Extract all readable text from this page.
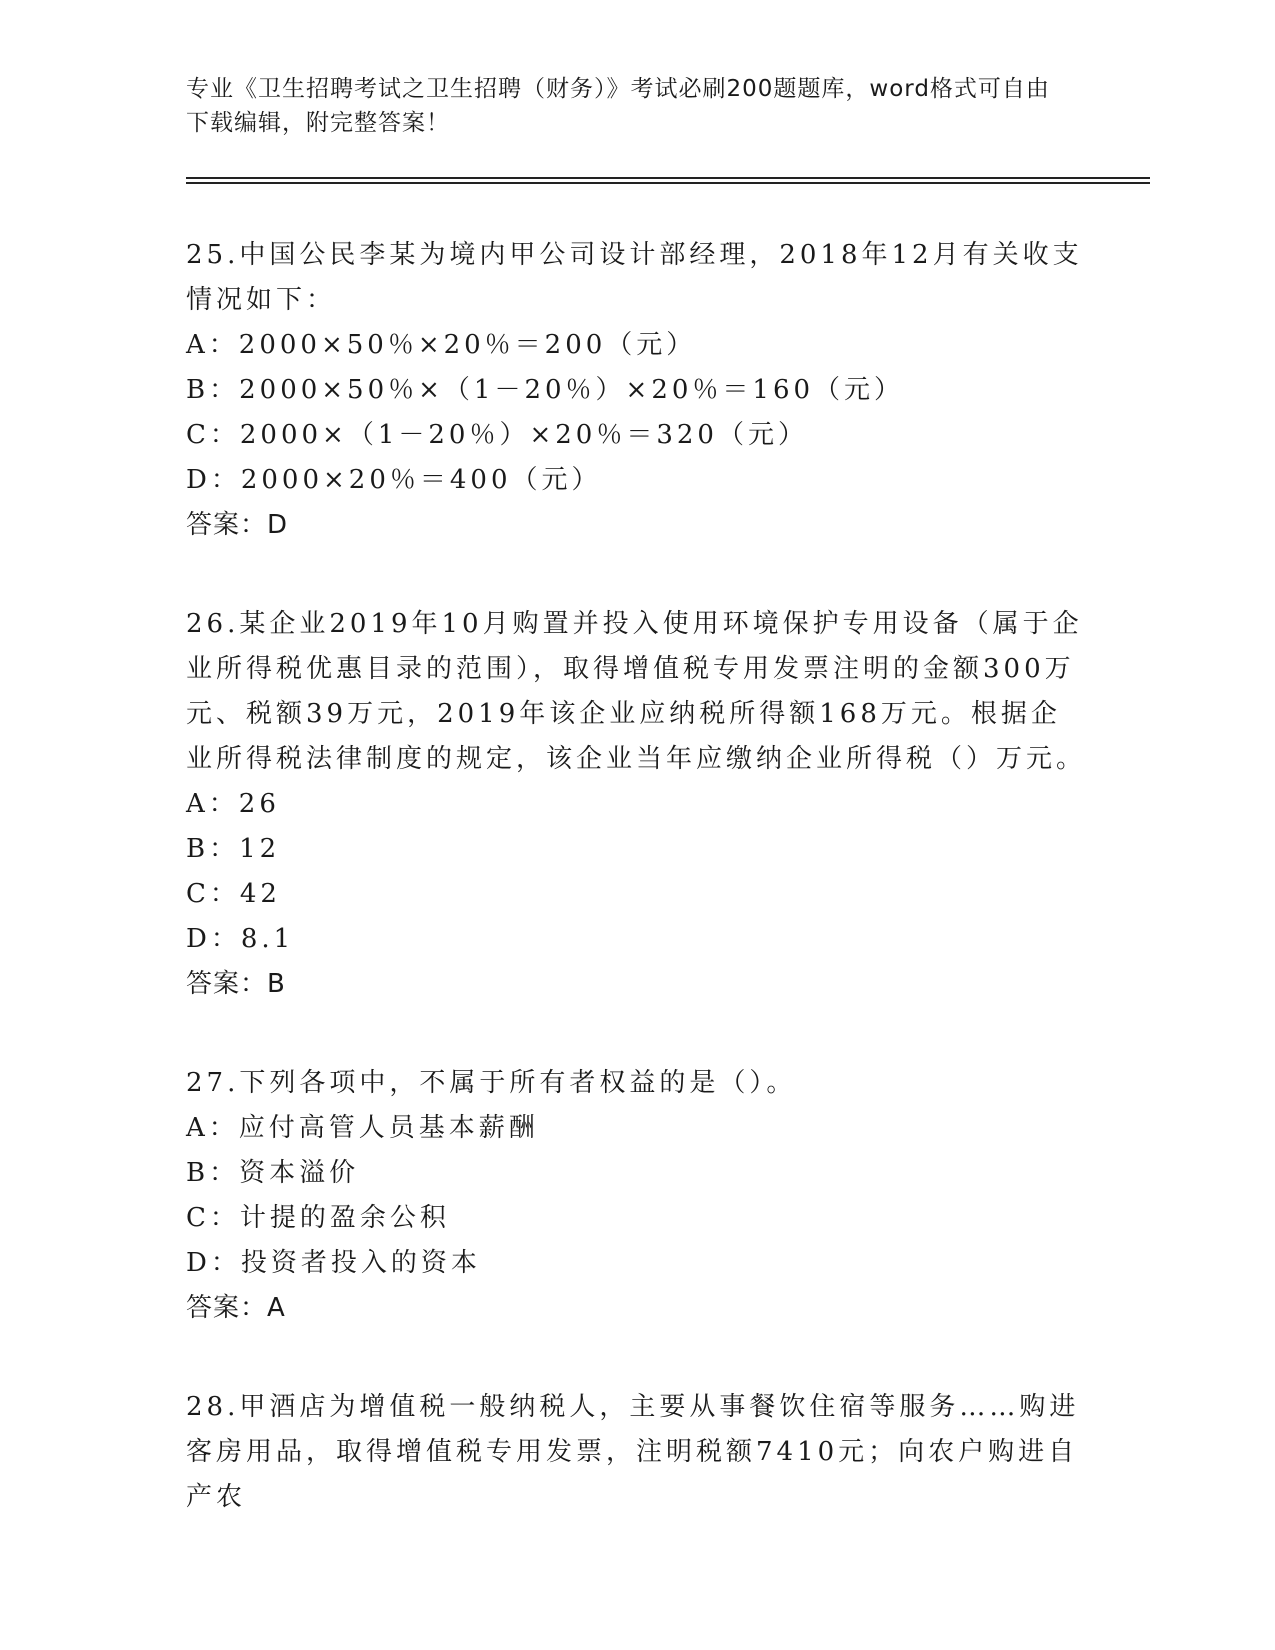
专业《卫生招聘考试之卫生招聘（财务）》考试必刷200题题库，word格式可自由下载编辑，附完整答案！

25.中国公民李某为境内甲公司设计部经理，2018年12月有关收支情况如下：

A：2000×50％×20％＝200（元）

B：2000×50％×（1－20％）×20％＝160（元）

C：2000×（1－20％）×20％＝320（元）

D：2000×20％＝400（元）

答案：D

26.某企业2019年10月购置并投入使用环境保护专用设备（属于企业所得税优惠目录的范围），取得增值税专用发票注明的金额300万元、税额39万元，2019年该企业应纳税所得额168万元。根据企业所得税法律制度的规定，该企业当年应缴纳企业所得税（）万元。

A：26

B：12

C：42

D：8.1

答案：B

27.下列各项中，不属于所有者权益的是（）。

A：应付高管人员基本薪酬

B：资本溢价

C：计提的盈余公积

D：投资者投入的资本

答案：A

28.甲酒店为增值税一般纳税人，主要从事餐饮住宿等服务……购进客房用品，取得增值税专用发票，注明税额7410元；向农户购进自产农
